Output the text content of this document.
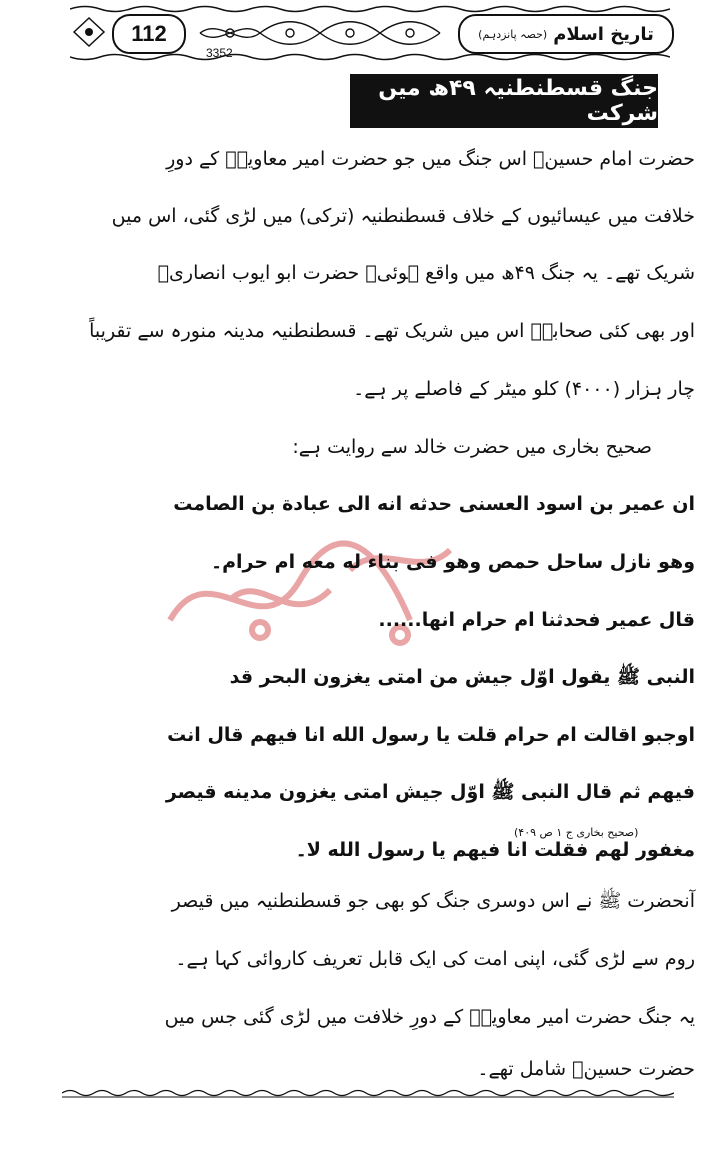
112
3352
تاریخ اسلام
(حصہ پانزدہم)
جنگ قسطنطنیہ ۴۹ھ میں شرکت
حضرت امام حسینؓ اس جنگ میں جو حضرت امیر معاویہؓ کے دورِ
خلافت میں عیسائیوں کے خلاف قسطنطنیہ (ترکی) میں لڑی گئی، اس میں
شریک تھے۔ یہ جنگ ۴۹ھ میں واقع ہوئی۔ حضرت ابو ایوب انصاریؓ
اور بھی کئی صحابہؓ اس میں شریک تھے۔ قسطنطنیہ مدینہ منورہ سے تقریباً
چار ہزار (۴۰۰۰) کلو میٹر کے فاصلے پر ہے۔
صحیح بخاری میں حضرت خالد سے روایت ہے:
ان عمير بن اسود العسنی حدثه انه الی عبادة بن الصامت
وهو نازل ساحل حمص وهو فی بناء له معه ام حرام۔
قال عمير فحدثنا ام حرام انها......
النبی ﷺ يقول اوّل جيش من امتی يغزون البحر قد
اوجبو اقالت ام حرام قلت يا رسول الله انا فيهم قال انت
فيهم ثم قال النبی ﷺ اوّل جيش امتی يغزون مدينه قيصر
مغفور لهم فقلت انا فيهم يا رسول الله لا۔
(صحیح بخاری ج ۱ ص ۴۰۹)
آنحضرت ﷺ نے اس دوسری جنگ کو بھی جو قسطنطنیہ میں قیصر
روم سے لڑی گئی، اپنی امت کی ایک قابل تعریف کاروائی کہا ہے۔
یہ جنگ حضرت امیر معاویہؓ کے دورِ خلافت میں لڑی گئی جس میں
حضرت حسینؓ شامل تھے۔
